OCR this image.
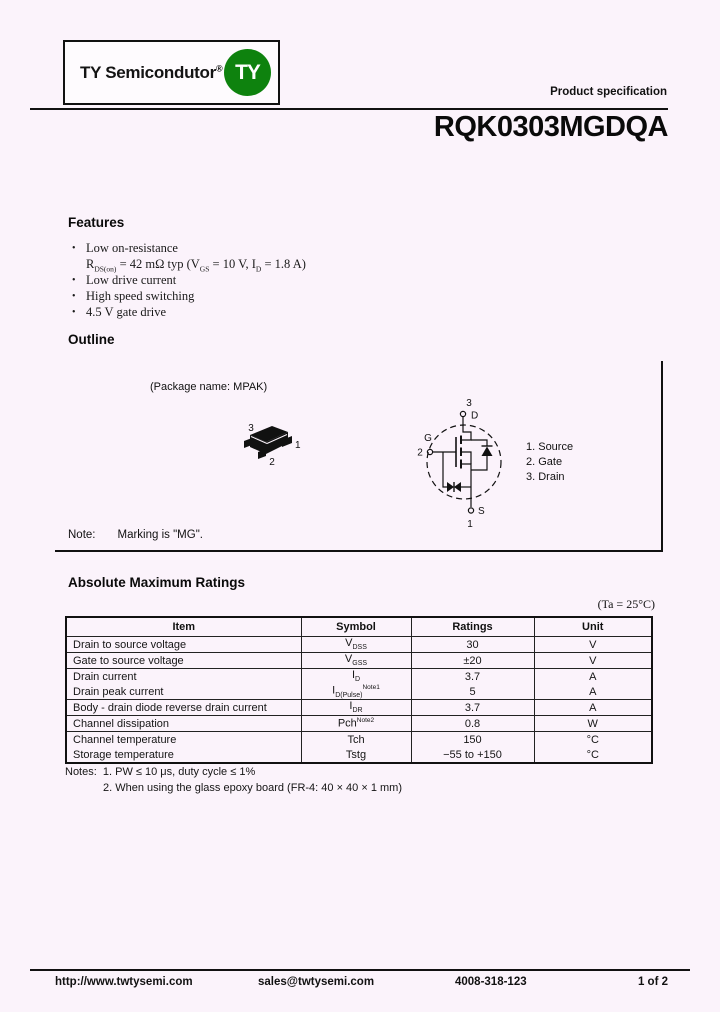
TY Semicondutor® TY
Product specification
RQK0303MGDQA
Features
• Low on-resistance
$R_{DS(on)} = 42$ mΩ typ ($V_{GS} = 10$ V, $I_D = 1.8$ A)
• Low drive current
• High speed switching
• 4.5 V gate drive
Outline
(Package name: MPAK)
3
1
2
3
D
G
2
S
1
1. Source
2. Gate
3. Drain
Note: Marking is "MG".
Absolute Maximum Ratings
(Ta = 25°C)
Item	Symbol	Ratings	Unit
Drain to source voltage	$V_{DSS}$	30	V
Gate to source voltage	$V_{GSS}$	±20	V
Drain current	$I_D$	3.7	A
Drain peak current	$I_{D(Pulse)}^{Note1}$	5	A
Body - drain diode reverse drain current	$I_{DR}$	3.7	A
Channel dissipation	Pch$^{Note2}$	0.8	W
Channel temperature	Tch	150	°C
Storage temperature	Tstg	−55 to +150	°C
Notes: 1. PW ≤ 10 μs, duty cycle ≤ 1%
2. When using the glass epoxy board (FR-4: 40 × 40 × 1 mm)
http://www.twtysemi.com	sales@twtysemi.com	4008-318-123	1 of 2
